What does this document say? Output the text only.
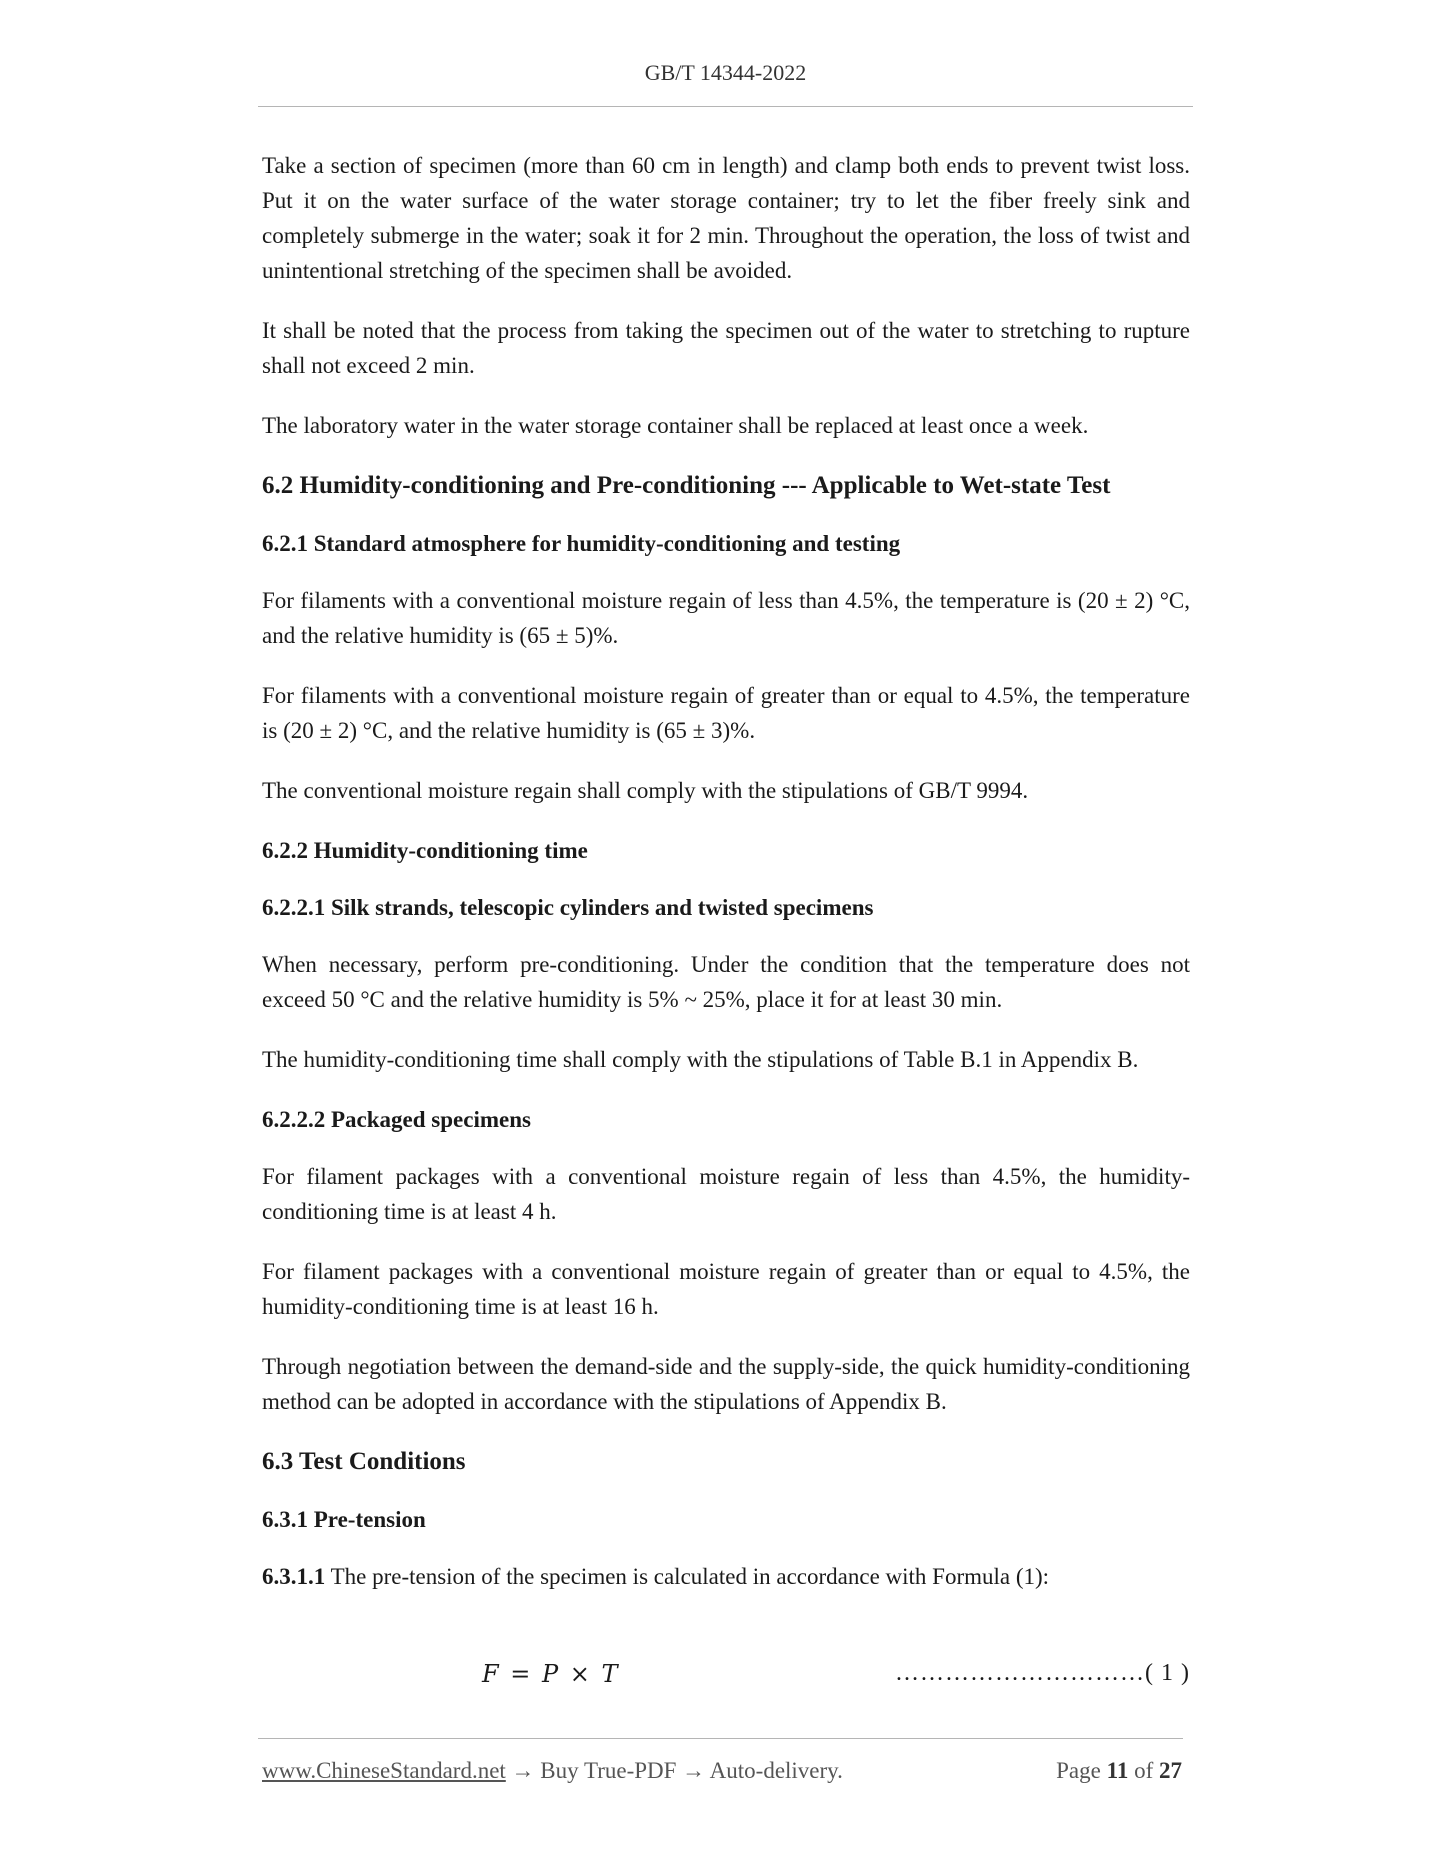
GB/T 14344-2022

Take a section of specimen (more than 60 cm in length) and clamp both ends to prevent twist loss. Put it on the water surface of the water storage container; try to let the fiber freely sink and completely submerge in the water; soak it for 2 min. Throughout the operation, the loss of twist and unintentional stretching of the specimen shall be avoided.

It shall be noted that the process from taking the specimen out of the water to stretching to rupture shall not exceed 2 min.

The laboratory water in the water storage container shall be replaced at least once a week.

6.2 Humidity-conditioning and Pre-conditioning --- Applicable to Wet-state Test
6.2.1 Standard atmosphere for humidity-conditioning and testing

For filaments with a conventional moisture regain of less than 4.5%, the temperature is (20 ± 2) °C, and the relative humidity is (65 ± 5)%.

For filaments with a conventional moisture regain of greater than or equal to 4.5%, the temperature is (20 ± 2) °C, and the relative humidity is (65 ± 3)%.

The conventional moisture regain shall comply with the stipulations of GB/T 9994.

6.2.2 Humidity-conditioning time
6.2.2.1 Silk strands, telescopic cylinders and twisted specimens

When necessary, perform pre-conditioning. Under the condition that the temperature does not exceed 50 °C and the relative humidity is 5% ~ 25%, place it for at least 30 min.

The humidity-conditioning time shall comply with the stipulations of Table B.1 in Appendix B.

6.2.2.2 Packaged specimens

For filament packages with a conventional moisture regain of less than 4.5%, the humidity-conditioning time is at least 4 h.

For filament packages with a conventional moisture regain of greater than or equal to 4.5%, the humidity-conditioning time is at least 16 h.

Through negotiation between the demand-side and the supply-side, the quick humidity-conditioning method can be adopted in accordance with the stipulations of Appendix B.

6.3 Test Conditions
6.3.1 Pre-tension

6.3.1.1 The pre-tension of the specimen is calculated in accordance with Formula (1):

F = P × T	…………………………( 1 )
www.ChineseStandard.net → Buy True-PDF → Auto-delivery.	Page 11 of 27
